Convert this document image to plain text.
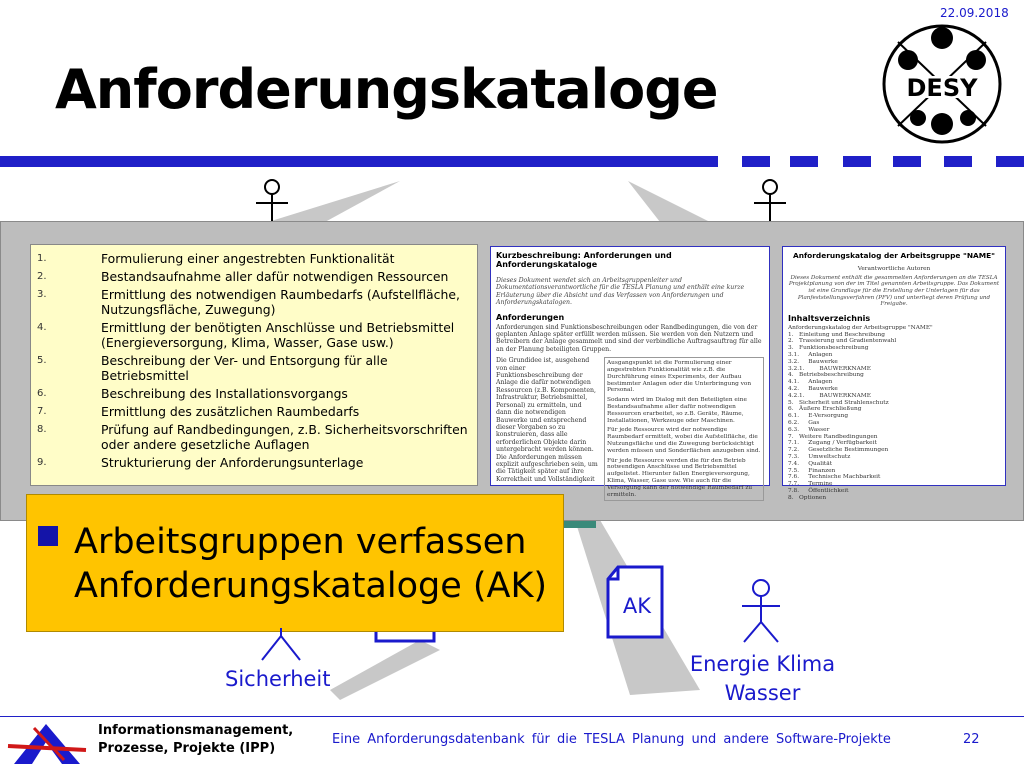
22.09.2018
Anforderungskataloge	DESY
1.	Formulierung einer angestrebten Funktionalität
2.	Bestandsaufnahme aller dafür notwendigen Ressourcen
3.	Ermittlung des notwendigen Raumbedarfs (Aufstellfläche, Nutzungsfläche, Zuwegung)
4.	Ermittlung der benötigten Anschlüsse und Betriebsmittel (Energieversorgung, Klima, Wasser, Gase usw.)
5.	Beschreibung der Ver- und Entsorgung für alle Betriebsmittel
6.	Beschreibung des Installationsvorgangs
7.	Ermittlung des zusätzlichen Raumbedarfs
8.	Prüfung auf Randbedingungen, z.B. Sicherheitsvorschriften oder andere gesetzliche Auflagen
9.	Strukturierung der Anforderungsunterlage
Kurzbeschreibung: Anforderungen und Anforderungskataloge
Dieses Dokument wendet sich an Arbeitsgruppenleiter und Dokumentationsverantwortliche für die TESLA Planung und enthält eine kurze Erläuterung über die Absicht und das Verfassen von Anforderungen und Anforderungskatalogen.
Anforderungen
Anforderungen sind Funktionsbeschreibungen oder Randbedingungen, die von der geplanten Anlage später erfüllt werden müssen. Sie werden von den Nutzern und Betreibern der Anlage gesammelt und sind der verbindliche Auftragsauftrag für alle an der Planung beteiligten Gruppen.
Die Grundidee ist, ausgehend von einer Funktionsbeschreibung der Anlage die dafür notwendigen Ressourcen (z.B. Komponenten, Infrastruktur, Betriebsmittel, Personal) zu ermitteln, und dann die notwendigen Bauwerke und entsprechend dieser Vorgaben so zu konstruieren, dass alle erforderlichen Objekte darin untergebracht werden können. Die Anforderungen müssen explizit aufgeschrieben sein, um die Tätigkeit später auf ihre Korrektheit und Vollständigkeit
Ausgangspunkt ist die Formulierung einer angestrebten Funktionalität wie z.B. die Durchführung eines Experiments, der Aufbau bestimmter Anlagen oder die Unterbringung von Personal.
Sodann wird im Dialog mit den Beteiligten eine Bestandsaufnahme aller dafür notwendigen Ressourcen erarbeitet, so z.B. Geräte, Räume, Installationen, Werkzeuge oder Maschinen.
Für jede Ressource wird der notwendige Raumbedarf ermittelt, wobei die Aufstellfläche, die Nutzungsfläche und die Zuwegung berücksichtigt werden müssen und Sonderflächen anzugeben sind.
Für jede Ressource werden die für den Betrieb notwendigen Anschlüsse und Betriebsmittel aufgelistet. Hierunter fallen Energieversorgung, Klima, Wasser, Gase usw. Wie auch für die Versorgung kann der notwendige Raumbedarf zu ermitteln.
Anforderungskatalog der Arbeitsgruppe "NAME"
Verantwortliche Autoren
Dieses Dokument enthält die gesammelten Anforderungen an die TESLA Projektplanung von der im Titel genannten Arbeitsgruppe. Das Dokument ist eine Grundlage für die Erstellung der Unterlagen für das Planfeststellungsverfahren (PFV) und unterliegt deren Prüfung und Freigabe.
Inhaltsverzeichnis
Anforderungskatalog der Arbeitsgruppe "NAME"
1.   Einleitung und Beschreibung
2.   Trassierung und Gradientenwahl
3.   Funktionsbeschreibung
3.1.     Anlagen
3.2.     Bauwerke
3.2.1.        BAUWERKNAME
4.   Betriebsbeschreibung
4.1.     Anlagen
4.2.     Bauwerke
4.2.1.        BAUWERKNAME
5.   Sicherheit und Strahlenschutz
6.   Äußere Erschließung
6.1.     E-Versorgung
6.2.     Gas
6.3.     Wasser
7.   Weitere Randbedingungen
7.1.     Zugang / Verfügbarkeit
7.2.     Gesetzliche Bestimmungen
7.3.     Umweltschutz
7.4.     Qualität
7.5.     Finanzen
7.6.     Technische Machbarkeit
7.7.     Termine
7.8.     Öffentlichkeit
8.   Optionen
Arbeitsgruppen verfassen
Anforderungskataloge (AK)	AK
Sicherheit
Energie Klima
Wasser
Informationsmanagement,
Prozesse, Projekte (IPP)
Eine Anforderungsdatenbank für die TESLA Planung und andere Software-Projekte	22
